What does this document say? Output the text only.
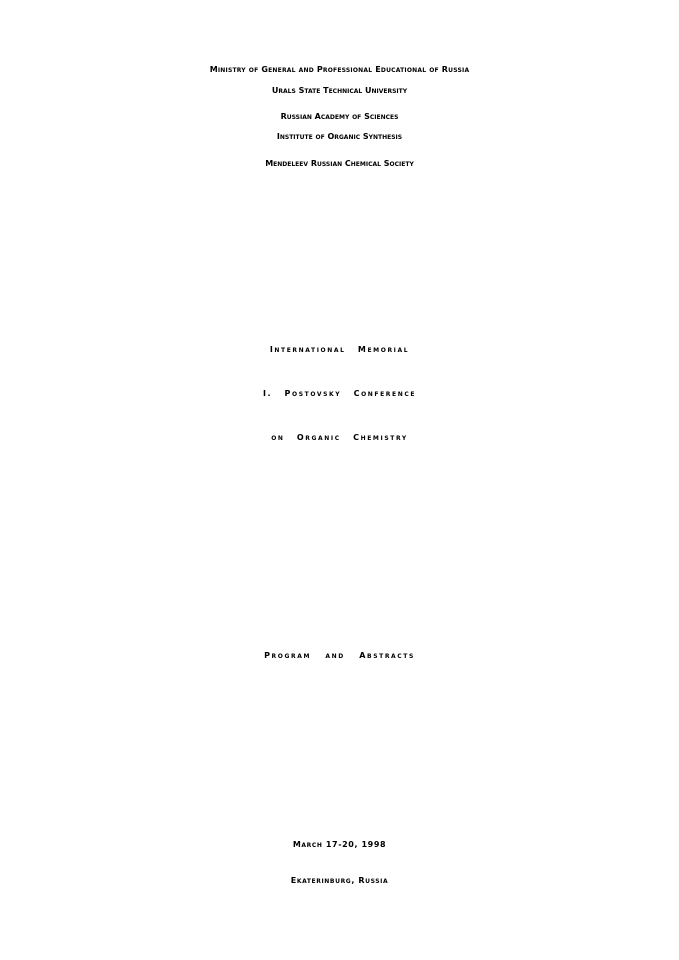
Ministry of General and Professional Educational of Russia
Urals State Technical University
Russian Academy of Sciences
Institute of Organic Synthesis
Mendeleev Russian Chemical Society
International Memorial
I. Postovsky Conference
on Organic Chemistry
Program and Abstracts
March 17-20, 1998
Ekaterinburg, Russia
